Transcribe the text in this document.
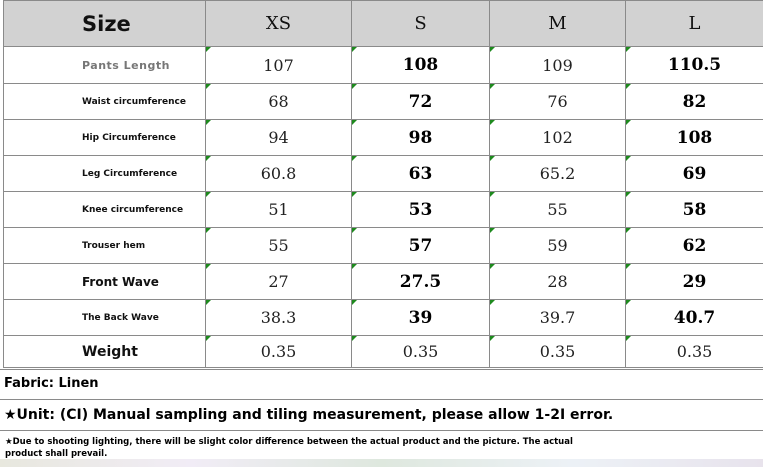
Size	XS	S	M	L

Pants Length	107	108	109	110.5

Waist circumference	68	72	76	82

Hip Circumference	94	98	102	108

Leg Circumference	60.8	63	65.2	69

Knee circumference	51	53	55	58

Trouser hem	55	57	59	62

Front Wave	27	27.5	28	29

The Back Wave	38.3	39	39.7	40.7

Weight	0.35	0.35	0.35	0.35
Fabric: Linen
★Unit: (CI) Manual sampling and tiling measurement, please allow 1-2I error.
★Due to shooting lighting, there will be slight color difference between the actual product and the picture. The actual product shall prevail.
